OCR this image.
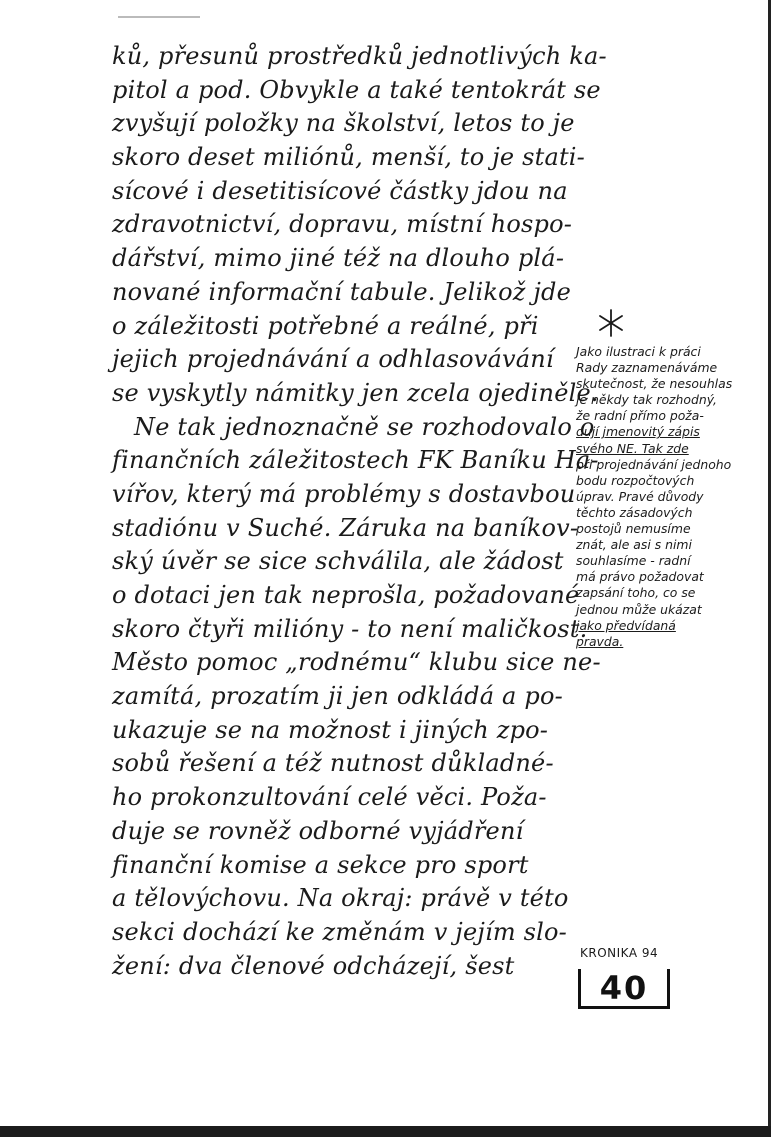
ků, přesunů prostředků jednotlivých ka-
pitol a pod. Obvykle a také tentokrát se
zvyšují položky na školství, letos to je
skoro deset miliónů, menší, to je stati-
sícové i desetitisícové částky jdou na
zdravotnictví, dopravu, místní hospo-
dářství, mimo jiné též na dlouho plá-
nované informační tabule. Jelikož jde
o záležitosti potřebné a reálné, při
jejich projednávání a odhlasovávání
se vyskytly námitky jen zcela ojediněle.
Ne tak jednoznačně se rozhodovalo o
finančních záležitostech FK Baníku Ha-
vířov, který má problémy s dostavbou
stadiónu v Suché. Záruka na baníkov-
ský úvěr se sice schválila, ale žádost
o dotaci jen tak neprošla, požadované
skoro čtyři milióny - to není maličkost.
Město pomoc „rodnému“ klubu sice ne-
zamítá, prozatím ji jen odkládá a po-
ukazuje se na možnost i jiných zpo-
sobů řešení a též nutnost důkladné-
ho prokonzultování celé věci. Poža-
duje se rovněž odborné vyjádření
finanční komise a sekce pro sport
a tělovýchovu. Na okraj: právě v této
sekci dochází ke změnám v jejím slo-
žení: dva členové odcházejí, šest
Jako ilustraci k práci
Rady zaznamenáváme
skutečnost, že nesouhlas
je někdy tak rozhodný,
že radní přímo poža-
dují jmenovitý zápis
svého NE. Tak zde
při projednávání jednoho
bodu rozpočtových
úprav. Pravé důvody
těchto zásadových
postojů nemusíme
znát, ale asi s nimi
souhlasíme - radní
má právo požadovat
zapsání toho, co se
jednou může ukázat
jako předvídaná
pravda.
KRONIKA 94
40
